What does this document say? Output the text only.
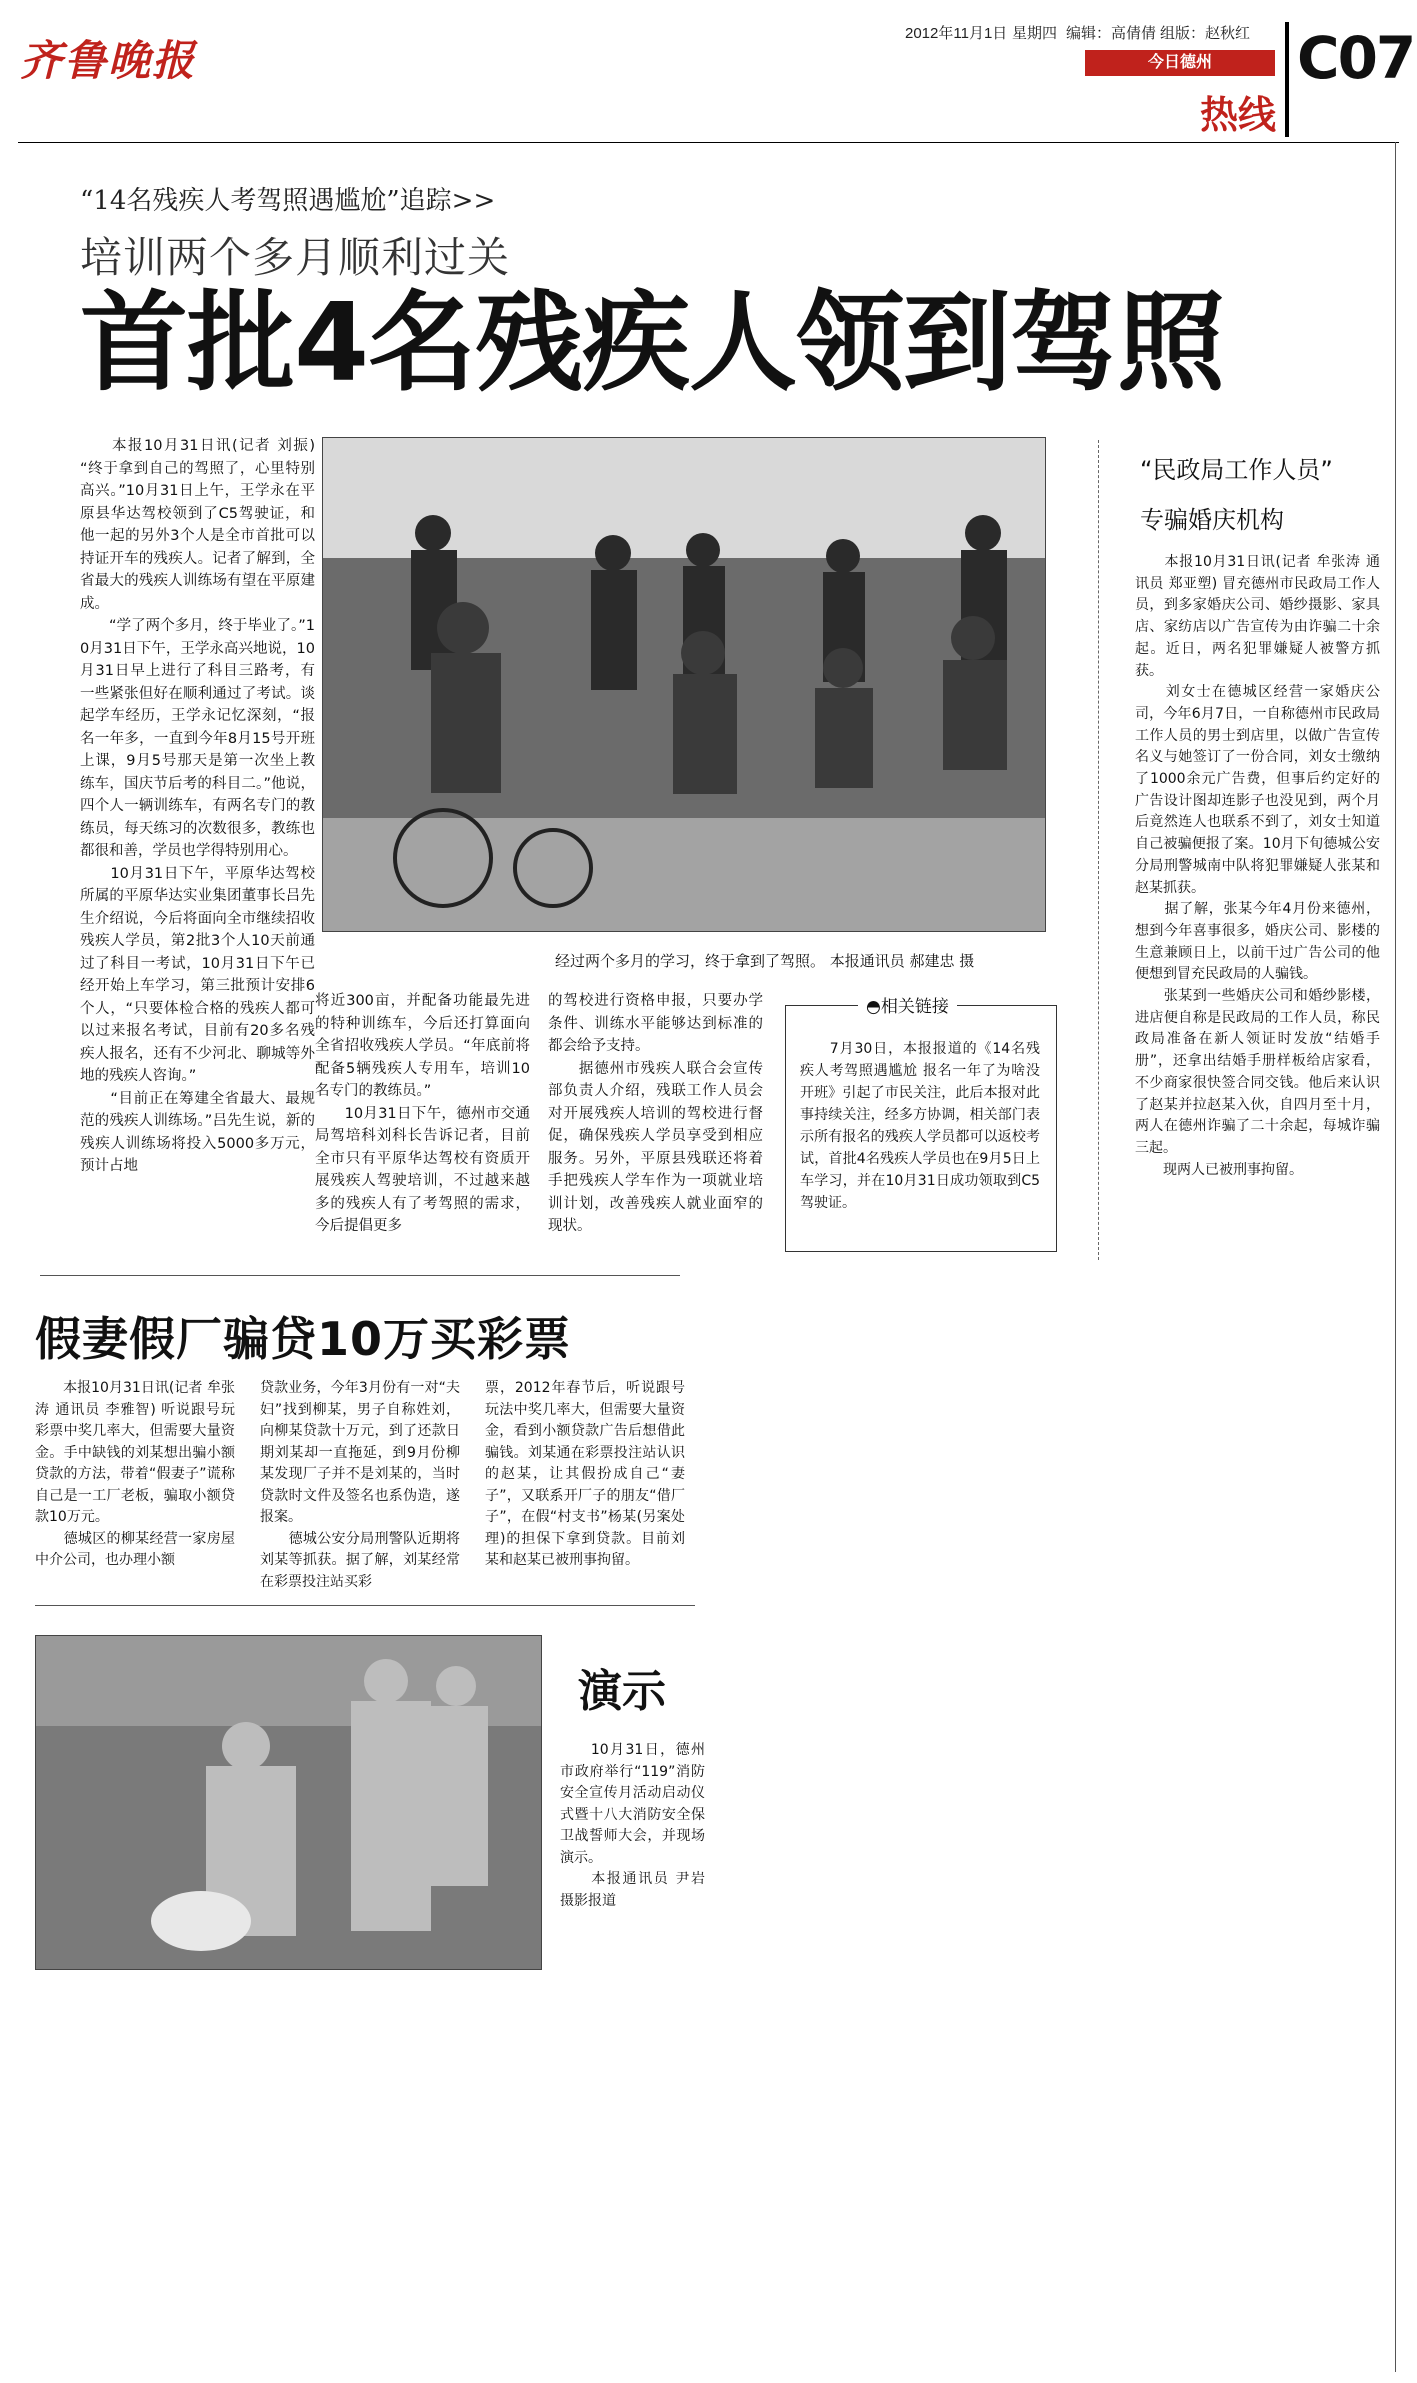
齐鲁晚报
2012年11月1日 星期四 编辑：高倩倩 组版：赵秋红
今日德州
热线
C07
“14名残疾人考驾照遇尴尬”追踪>>
培训两个多月顺利过关
首批4名残疾人领到驾照
　　本报10月31日讯(记者 刘振) “终于拿到自己的驾照了，心里特别高兴。”10月31日上午，王学永在平原县华达驾校领到了C5驾驶证，和他一起的另外3个人是全市首批可以持证开车的残疾人。记者了解到，全省最大的残疾人训练场有望在平原建成。
　　“学了两个多月，终于毕业了。”10月31日下午，王学永高兴地说，10月31日早上进行了科目三路考，有一些紧张但好在顺利通过了考试。谈起学车经历，王学永记忆深刻，“报名一年多，一直到今年8月15号开班上课，9月5号那天是第一次坐上教练车，国庆节后考的科目二。”他说，四个人一辆训练车，有两名专门的教练员，每天练习的次数很多，教练也都很和善，学员也学得特别用心。
　　10月31日下午，平原华达驾校所属的平原华达实业集团董事长吕先生介绍说，今后将面向全市继续招收残疾人学员，第2批3个人10天前通过了科目一考试，10月31日下午已经开始上车学习，第三批预计安排6个人，“只要体检合格的残疾人都可以过来报名考试，目前有20多名残疾人报名，还有不少河北、聊城等外地的残疾人咨询。”
　　“目前正在筹建全省最大、最规范的残疾人训练场。”吕先生说，新的残疾人训练场将投入5000多万元，预计占地
经过两个多月的学习，终于拿到了驾照。 本报通讯员 郝建忠 摄
将近300亩，并配备功能最先进的特种训练车，今后还打算面向全省招收残疾人学员。“年底前将配备5辆残疾人专用车，培训10名专门的教练员。”
　　10月31日下午，德州市交通局驾培科刘科长告诉记者，目前全市只有平原华达驾校有资质开展残疾人驾驶培训，不过越来越多的残疾人有了考驾照的需求，今后提倡更多
的驾校进行资格申报，只要办学条件、训练水平能够达到标准的都会给予支持。
　　据德州市残疾人联合会宣传部负责人介绍，残联工作人员会对开展残疾人培训的驾校进行督促，确保残疾人学员享受到相应服务。另外，平原县残联还将着手把残疾人学车作为一项就业培训计划，改善残疾人就业面窄的现状。
◓相关链接
　　7月30日，本报报道的《14名残疾人考驾照遇尴尬 报名一年了为啥没开班》引起了市民关注，此后本报对此事持续关注，经多方协调，相关部门表示所有报名的残疾人学员都可以返校考试，首批4名残疾人学员也在9月5日上车学习，并在10月31日成功领取到C5驾驶证。
“民政局工作人员”
专骗婚庆机构
　　本报10月31日讯(记者 牟张涛 通讯员 郑亚塑) 冒充德州市民政局工作人员，到多家婚庆公司、婚纱摄影、家具店、家纺店以广告宣传为由诈骗二十余起。近日，两名犯罪嫌疑人被警方抓获。
　　刘女士在德城区经营一家婚庆公司，今年6月7日，一自称德州市民政局工作人员的男士到店里，以做广告宣传名义与她签订了一份合同，刘女士缴纳了1000余元广告费，但事后约定好的广告设计图却连影子也没见到，两个月后竟然连人也联系不到了，刘女士知道自己被骗便报了案。10月下旬德城公安分局刑警城南中队将犯罪嫌疑人张某和赵某抓获。
　　据了解，张某今年4月份来德州，想到今年喜事很多，婚庆公司、影楼的生意兼顾日上，以前干过广告公司的他便想到冒充民政局的人骗钱。
　　张某到一些婚庆公司和婚纱影楼，进店便自称是民政局的工作人员，称民政局准备在新人领证时发放“结婚手册”，还拿出结婚手册样板给店家看，不少商家很快签合同交钱。他后来认识了赵某并拉赵某入伙，自四月至十月，两人在德州诈骗了二十余起，每城诈骗三起。
　　现两人已被刑事拘留。
假妻假厂骗贷10万买彩票
　　本报10月31日讯(记者 牟张涛 通讯员 李雅智) 听说跟号玩彩票中奖几率大，但需要大量资金。手中缺钱的刘某想出骗小额贷款的方法，带着“假妻子”谎称自己是一工厂老板，骗取小额贷款10万元。
　　德城区的柳某经营一家房屋中介公司，也办理小额
贷款业务，今年3月份有一对“夫妇”找到柳某，男子自称姓刘，向柳某贷款十万元，到了还款日期刘某却一直拖延，到9月份柳某发现厂子并不是刘某的，当时贷款时文件及签名也系伪造，遂报案。
　　德城公安分局刑警队近期将刘某等抓获。据了解，刘某经常在彩票投注站买彩
票，2012年春节后，听说跟号玩法中奖几率大，但需要大量资金，看到小额贷款广告后想借此骗钱。刘某通在彩票投注站认识的赵某，让其假扮成自己“妻子”，又联系开厂子的朋友“借厂子”，在假“村支书”杨某(另案处理)的担保下拿到贷款。目前刘某和赵某已被刑事拘留。
演示
　　10月31日，德州市政府举行“119”消防安全宣传月活动启动仪式暨十八大消防安全保卫战誓师大会，并现场演示。
　　本报通讯员 尹岩 摄影报道
